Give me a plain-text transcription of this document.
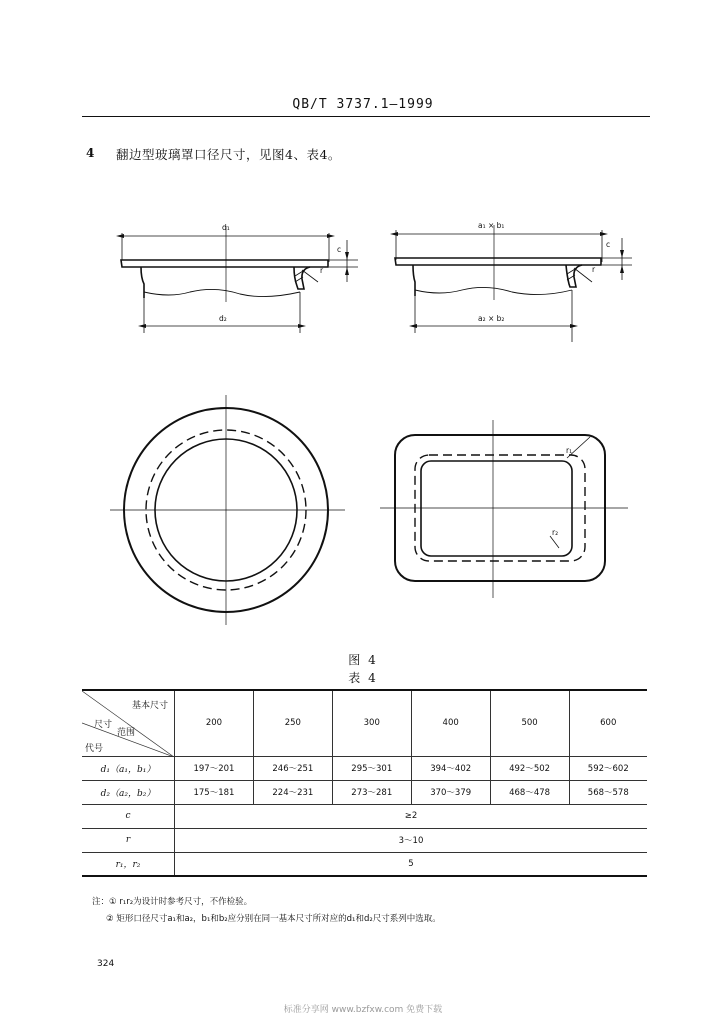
QB/T 3737.1—1999
4 翻边型玻璃罩口径尺寸，见图4、表4。
d₁
d₂
c
r
a₁ × b₁
a₂ × b₂
c
r
r₁
r₂
图 4
表 4
基本尺寸
尺寸
范围
代号	200	250	300	400	500	600
d₁（a₁，b₁）	197～201	246～251	295～301	394～402	492～502	592～602
d₂（a₂，b₂）	175～181	224～231	273～281	370～379	468～478	568～578
c	≥2					
r	3～10					
r₁，r₂	5					
注：① r₁r₂为设计时参考尺寸，不作检验。
② 矩形口径尺寸a₁和a₂，b₁和b₂应分别在同一基本尺寸所对应的d₁和d₂尺寸系列中选取。
324
标准分享网 www.bzfxw.com 免费下载
